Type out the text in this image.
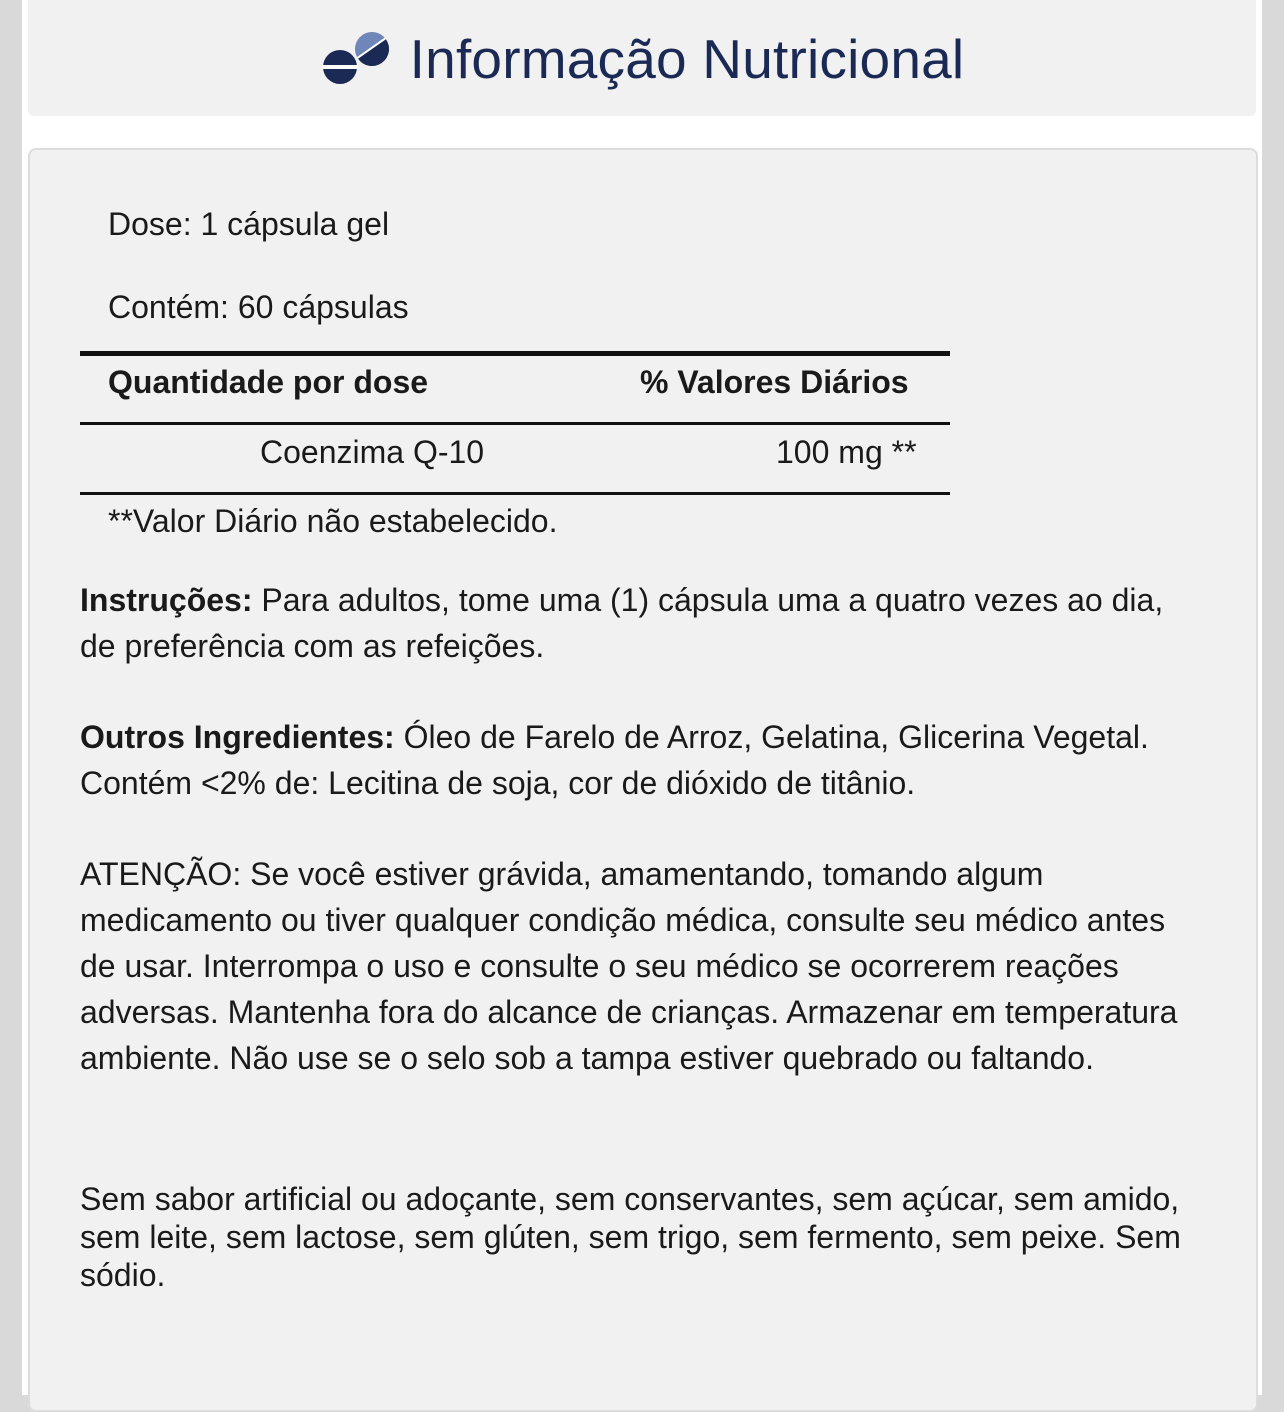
Informação Nutricional
Dose: 1 cápsula gel
Contém: 60 cápsulas
Quantidade por dose	% Valores Diários
Coenzima Q-10	100 mg **
**Valor Diário não estabelecido.
Instruções: Para adultos, tome uma (1) cápsula uma a quatro vezes ao dia, de preferência com as refeições.
Outros Ingredientes: Óleo de Farelo de Arroz, Gelatina, Glicerina Vegetal. Contém <2% de: Lecitina de soja, cor de dióxido de titânio.
ATENÇÃO: Se você estiver grávida, amamentando, tomando algum medicamento ou tiver qualquer condição médica, consulte seu médico antes de usar. Interrompa o uso e consulte o seu médico se ocorrerem reações adversas. Mantenha fora do alcance de crianças. Armazenar em temperatura ambiente. Não use se o selo sob a tampa estiver quebrado ou faltando.
Sem sabor artificial ou adoçante, sem conservantes, sem açúcar, sem amido, sem leite, sem lactose, sem glúten, sem trigo, sem fermento, sem peixe. Sem sódio.
